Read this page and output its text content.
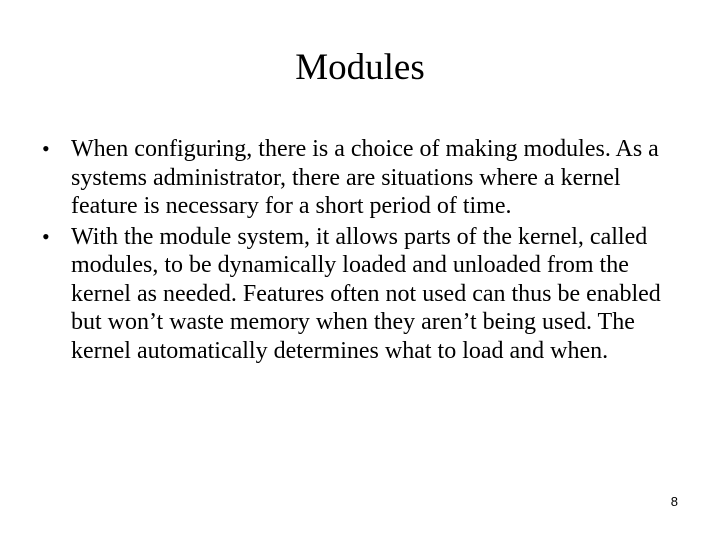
Modules
• When configuring, there is a choice of making modules. As a systems administrator, there are situations where a kernel feature is necessary for a short period of time.
• With the module system, it allows parts of the kernel, called modules, to be dynamically loaded and unloaded from the kernel as needed. Features often not used can thus be enabled but won’t waste memory when they aren’t being used. The kernel automatically determines what to load and when.
8
